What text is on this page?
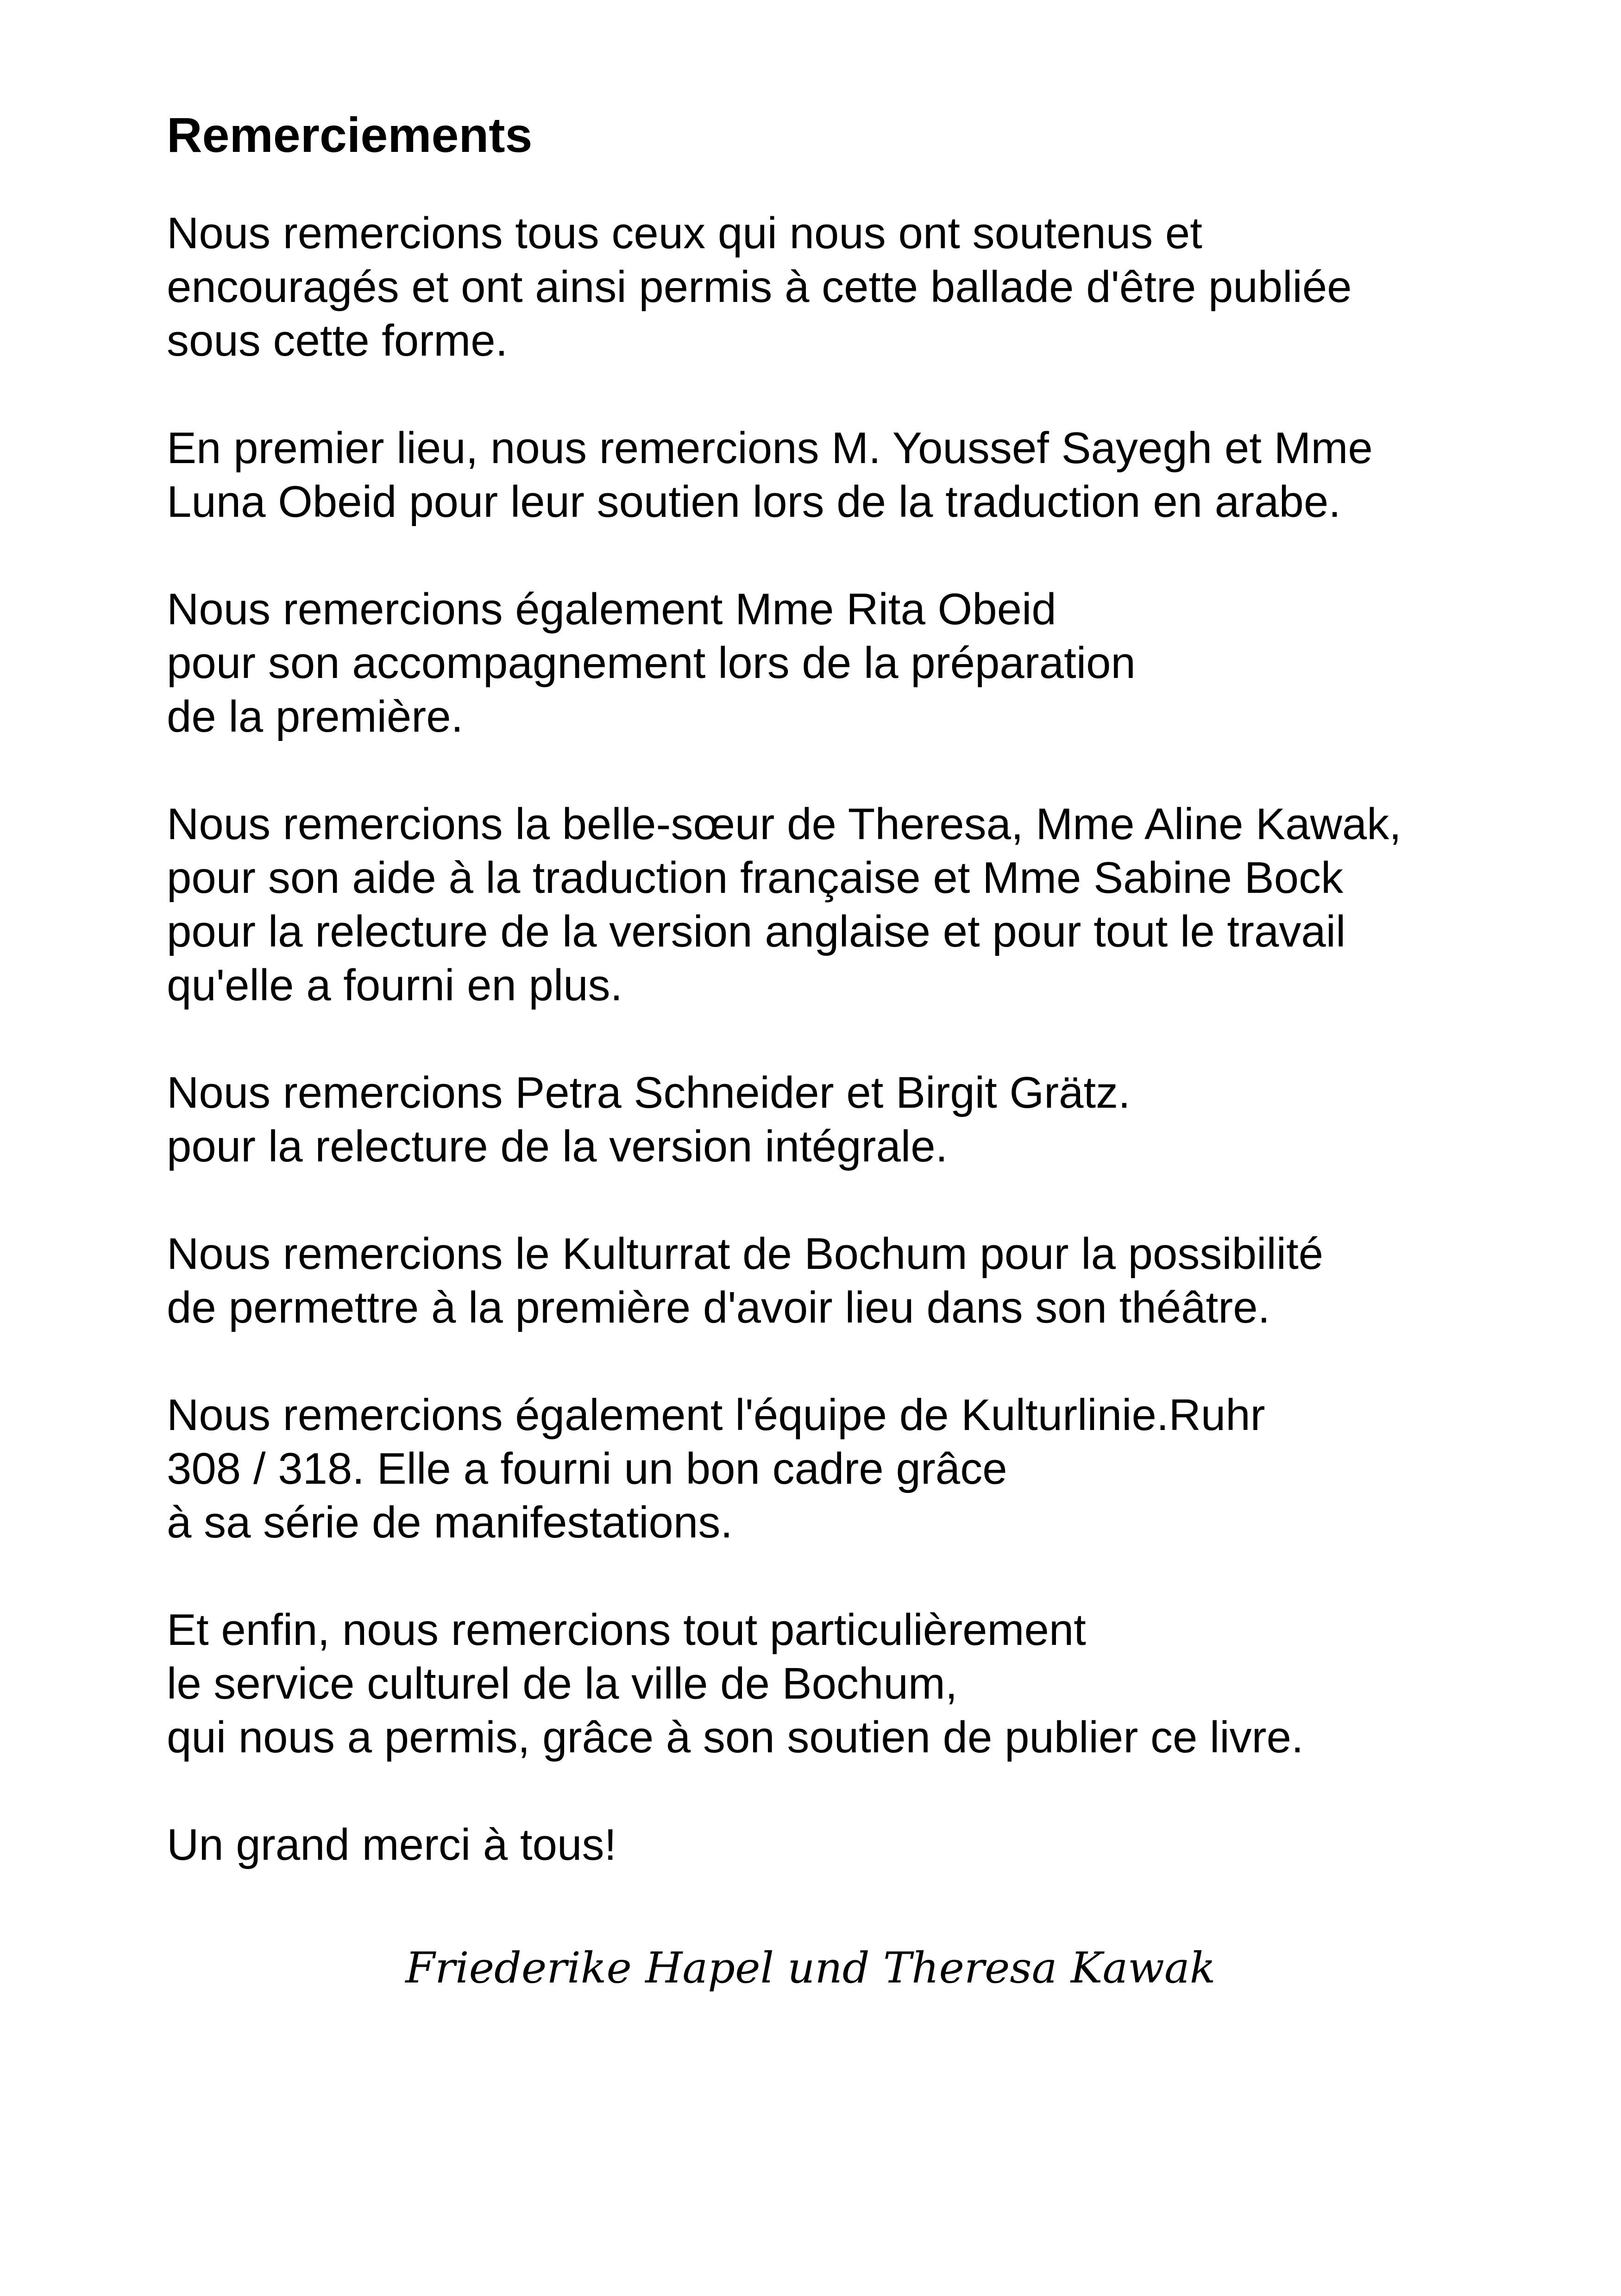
Remerciements

Nous remercions tous ceux qui nous ont soutenus et
encouragés et ont ainsi permis à cette ballade d'être publiée
sous cette forme.

En premier lieu, nous remercions M. Youssef Sayegh et Mme
Luna Obeid pour leur soutien lors de la traduction en arabe.

Nous remercions également Mme Rita Obeid
pour son accompagnement lors de la préparation
de la première.

Nous remercions la belle-sœur de Theresa, Mme Aline Kawak,
pour son aide à la traduction française et Mme Sabine Bock
pour la relecture de la version anglaise et pour tout le travail
qu'elle a fourni en plus.

Nous remercions Petra Schneider et Birgit Grätz.
pour la relecture de la version intégrale.

Nous remercions le Kulturrat de Bochum pour la possibilité
de permettre à la première d'avoir lieu dans son théâtre.

Nous remercions également l'équipe de Kulturlinie.Ruhr
308 / 318. Elle a fourni un bon cadre grâce
à sa série de manifestations.

Et enfin, nous remercions tout particulièrement
le service culturel de la ville de Bochum,
qui nous a permis, grâce à son soutien de publier ce livre.

Un grand merci à tous!

Friederike Hapel und Theresa Kawak
